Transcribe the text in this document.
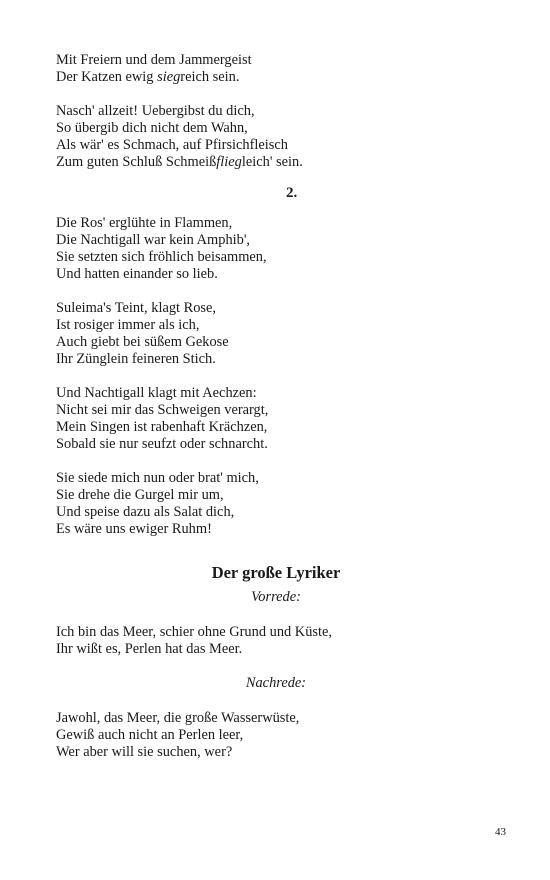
Mit Freiern und dem Jammergeist
Der Katzen ewig siegreich sein.
Nasch' allzeit! Uebergibst du dich,
So übergib dich nicht dem Wahn,
Als wär' es Schmach, auf Pfirsichfleisch
Zum guten Schluß Schmeißfliegleich' sein.
2.
Die Ros' erglühte in Flammen,
Die Nachtigall war kein Amphib',
Sie setzten sich fröhlich beisammen,
Und hatten einander so lieb.
Suleima's Teint, klagt Rose,
Ist rosiger immer als ich,
Auch giebt bei süßem Gekose
Ihr Zünglein feineren Stich.
Und Nachtigall klagt mit Aechzen:
Nicht sei mir das Schweigen verargt,
Mein Singen ist rabenhaft Krächzen,
Sobald sie nur seufzt oder schnarcht.
Sie siede mich nun oder brat' mich,
Sie drehe die Gurgel mir um,
Und speise dazu als Salat dich,
Es wäre uns ewiger Ruhm!
Der große Lyriker
Vorrede:
Ich bin das Meer, schier ohne Grund und Küste,
Ihr wißt es, Perlen hat das Meer.
Nachrede:
Jawohl, das Meer, die große Wasserwüste,
Gewiß auch nicht an Perlen leer,
Wer aber will sie suchen, wer?
43
